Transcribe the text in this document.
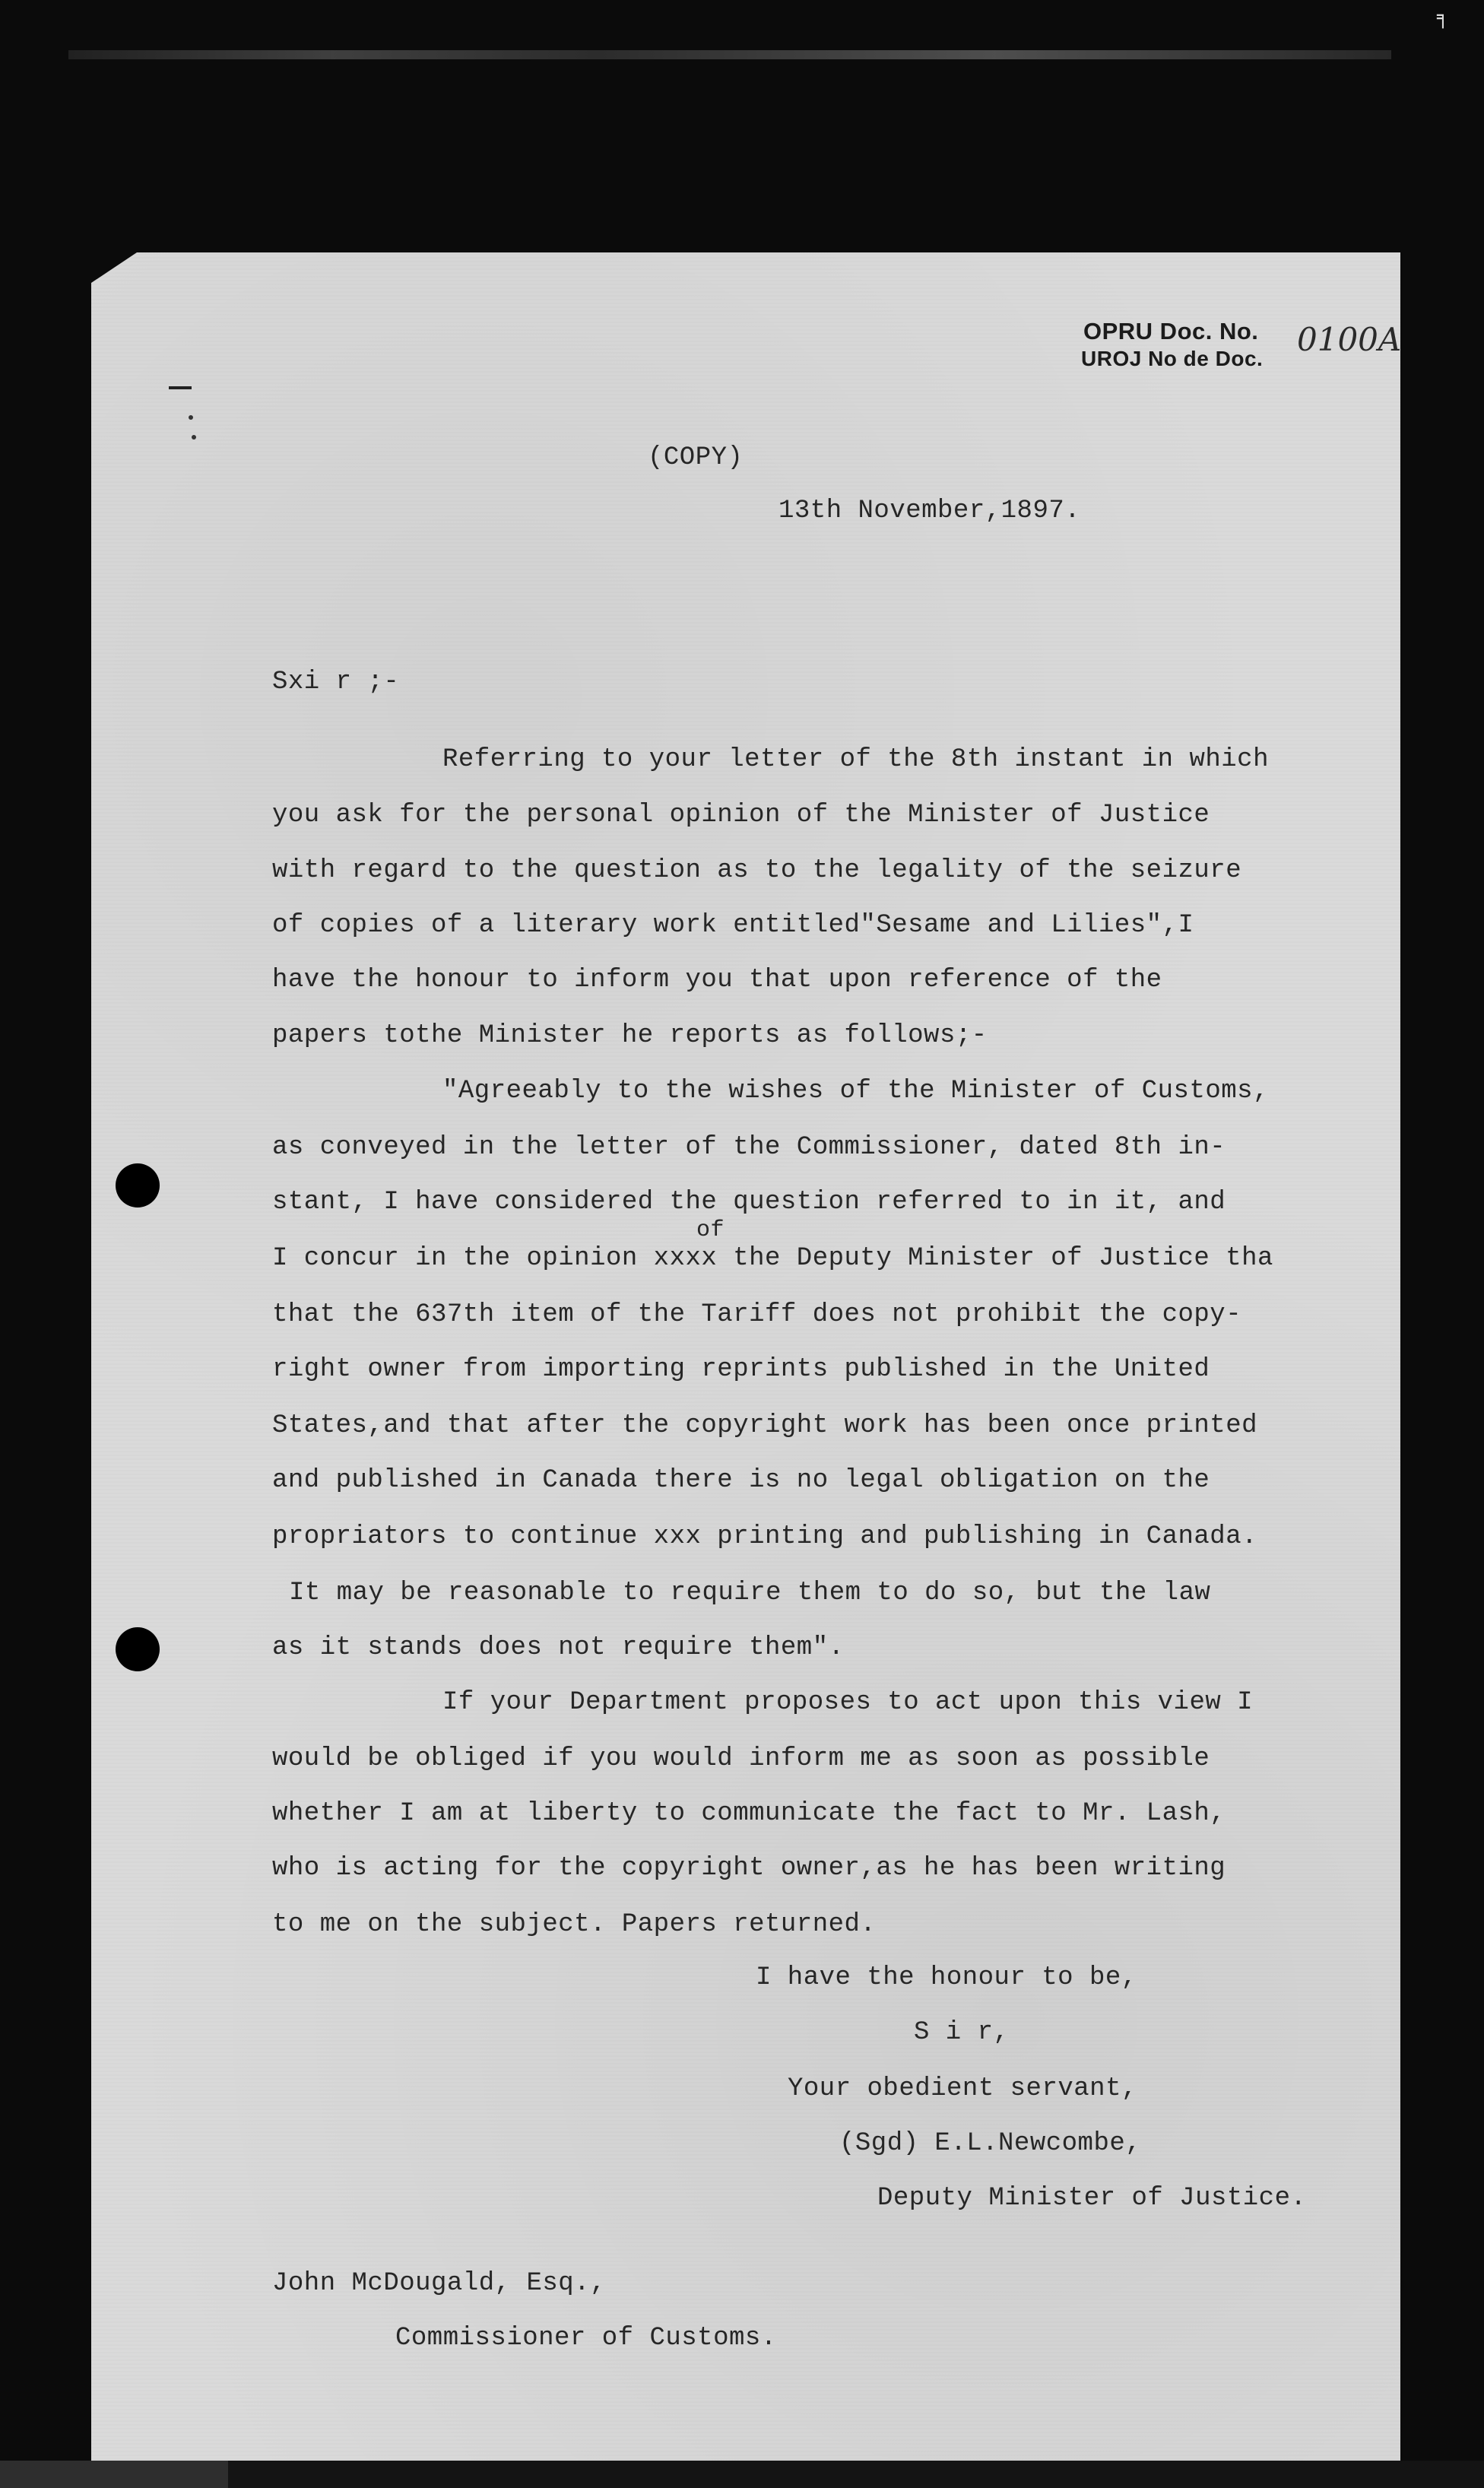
╕
OPRU Doc. No.
UROJ No de Doc.
0100A
(COPY)
13th November,1897.
Sxi r ;-
Referring to your letter of the 8th instant in which
you ask for the personal opinion of the Minister of Justice
with regard to the question as to the legality of the seizure
of copies of a literary work entitled"Sesame and Lilies",I
have the honour to inform you that upon reference of the
papers tothe Minister he reports as follows;-
"Agreeably to the wishes of the Minister of Customs,
as conveyed in the letter of the Commissioner, dated 8th in-
stant, I have considered the question referred to in it, and
of
I concur in the opinion xxxx the Deputy Minister of Justice tha
that the 637th item of the Tariff does not prohibit the copy-
right owner from importing reprints published in the United
States,and that after the copyright work has been once printed
and published in Canada there is no legal obligation on the
propriators to continue xxx printing and publishing in Canada.
It may be reasonable to require them to do so, but the law
as it stands does not require them".
If your Department proposes to act upon this view I
would be obliged if you would inform me as soon as possible
whether I am at liberty to communicate the fact to Mr. Lash,
who is acting for the copyright owner,as he has been writing
to me on the subject. Papers returned.
I have the honour to be,
S i r,
Your obedient servant,
(Sgd) E.L.Newcombe,
Deputy Minister of Justice.
John McDougald, Esq.,
Commissioner of Customs.
